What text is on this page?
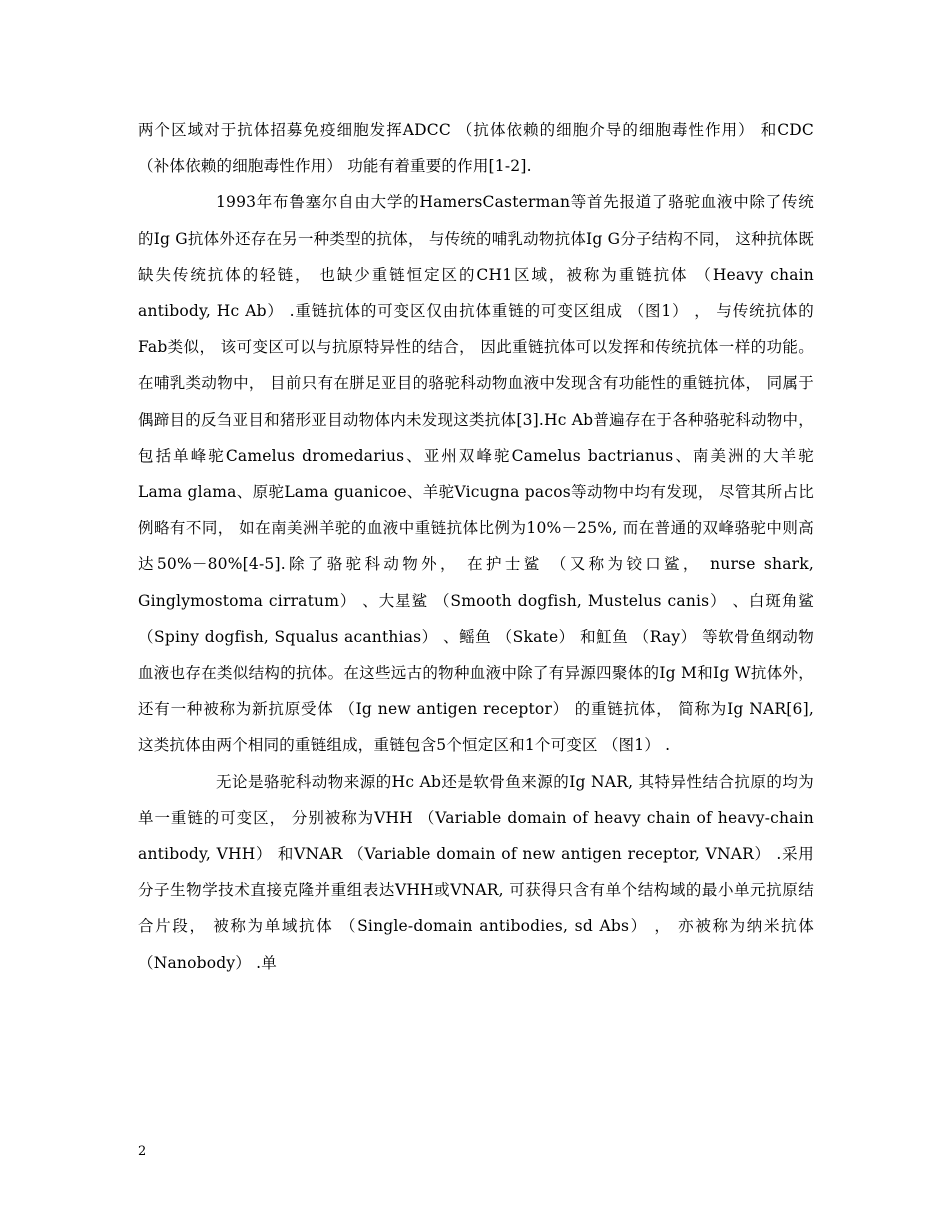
两个区域对于抗体招募免疫细胞发挥ADCC （抗体依赖的细胞介导的细胞毒性作用） 和CDC （补体依赖的细胞毒性作用） 功能有着重要的作用[1-2].

1993年布鲁塞尔自由大学的HamersCasterman等首先报道了骆驼血液中除了传统的Ig G抗体外还存在另一种类型的抗体， 与传统的哺乳动物抗体Ig G分子结构不同， 这种抗体既缺失传统抗体的轻链， 也缺少重链恒定区的CH1区域，被称为重链抗体 （Heavy chain antibody, Hc Ab） .重链抗体的可变区仅由抗体重链的可变区组成 （图1） ， 与传统抗体的Fab类似， 该可变区可以与抗原特异性的结合， 因此重链抗体可以发挥和传统抗体一样的功能。在哺乳类动物中， 目前只有在胼足亚目的骆驼科动物血液中发现含有功能性的重链抗体， 同属于偶蹄目的反刍亚目和猪形亚目动物体内未发现这类抗体[3].Hc Ab普遍存在于各种骆驼科动物中， 包括单峰驼Camelus dromedarius、亚州双峰驼Camelus bactrianus、南美洲的大羊驼Lama glama、原驼Lama guanicoe、羊驼Vicugna pacos等动物中均有发现， 尽管其所占比例略有不同， 如在南美洲羊驼的血液中重链抗体比例为10%－25%, 而在普通的双峰骆驼中则高达50%－80%[4-5].除了骆驼科动物外， 在护士鲨 （又称为铰口鲨， nurse shark, Ginglymostoma cirratum） 、大星鲨 （Smooth dogfish, Mustelus canis） 、白斑角鲨 （Spiny dogfish, Squalus acanthias） 、鳐鱼 （Skate） 和魟鱼 （Ray） 等软骨鱼纲动物血液也存在类似结构的抗体。在这些远古的物种血液中除了有异源四聚体的Ig M和Ig W抗体外， 还有一种被称为新抗原受体 （Ig new antigen receptor） 的重链抗体， 简称为Ig NAR[6], 这类抗体由两个相同的重链组成，重链包含5个恒定区和1个可变区 （图1） .

无论是骆驼科动物来源的Hc Ab还是软骨鱼来源的Ig NAR, 其特异性结合抗原的均为单一重链的可变区， 分别被称为VHH （Variable domain of heavy chain of heavy-chain antibody, VHH） 和VNAR （Variable domain of new antigen receptor, VNAR） .采用分子生物学技术直接克隆并重组表达VHH或VNAR, 可获得只含有单个结构域的最小单元抗原结合片段， 被称为单域抗体 （Single-domain antibodies, sd Abs） ， 亦被称为纳米抗体 （Nanobody） .单

2
